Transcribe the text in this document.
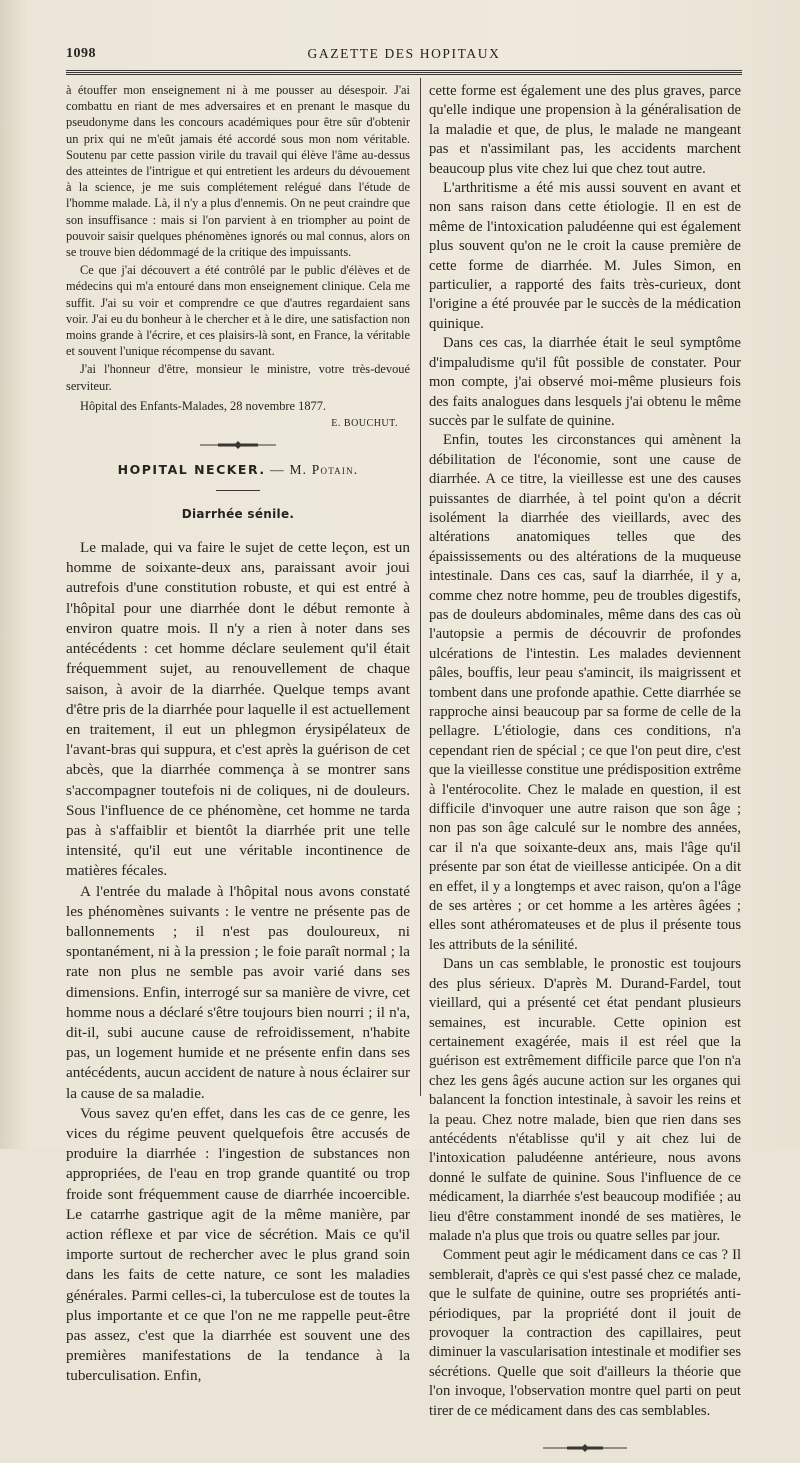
1098	GAZETTE DES HOPITAUX

à étouffer mon enseignement ni à me pousser au désespoir. J'ai combattu en riant de mes adversaires et en prenant le masque du pseudonyme dans les concours académiques pour être sûr d'obtenir un prix qui ne m'eût jamais été accordé sous mon nom véritable. Soutenu par cette passion virile du travail qui élève l'âme au-dessus des atteintes de l'intrigue et qui entretient les ardeurs du dévouement à la science, je me suis complétement relégué dans l'étude de l'homme malade. Là, il n'y a plus d'ennemis. On ne peut craindre que son insuffisance : mais si l'on parvient à en triompher au point de pouvoir saisir quelques phénomènes ignorés ou mal connus, alors on se trouve bien dédommagé de la critique des impuissants.

Ce que j'ai découvert a été contrôlé par le public d'élèves et de médecins qui m'a entouré dans mon enseignement clinique. Cela me suffit. J'ai su voir et comprendre ce que d'autres regardaient sans voir. J'ai eu du bonheur à le chercher et à le dire, une satisfaction non moins grande à l'écrire, et ces plaisirs-là sont, en France, la véritable et souvent l'unique récompense du savant.

J'ai l'honneur d'être, monsieur le ministre, votre très-devoué serviteur.

Hôpital des Enfants-Malades, 28 novembre 1877.

E. BOUCHUT.
HOPITAL NECKER. — M. Potain.
Diarrhée sénile.

Le malade, qui va faire le sujet de cette leçon, est un homme de soixante-deux ans, paraissant avoir joui autrefois d'une constitution robuste, et qui est entré à l'hôpital pour une diarrhée dont le début remonte à environ quatre mois. Il n'y a rien à noter dans ses antécédents : cet homme déclare seulement qu'il était fréquemment sujet, au renouvellement de chaque saison, à avoir de la diarrhée. Quelque temps avant d'être pris de la diarrhée pour laquelle il est actuellement en traitement, il eut un phlegmon érysipélateux de l'avant-bras qui suppura, et c'est après la guérison de cet abcès, que la diarrhée commença à se montrer sans s'accompagner toutefois ni de coliques, ni de douleurs. Sous l'influence de ce phénomène, cet homme ne tarda pas à s'affaiblir et bientôt la diarrhée prit une telle intensité, qu'il eut une véritable incontinence de matières fécales.

A l'entrée du malade à l'hôpital nous avons constaté les phénomènes suivants : le ventre ne présente pas de ballonnements ; il n'est pas douloureux, ni spontanément, ni à la pression ; le foie paraît normal ; la rate non plus ne semble pas avoir varié dans ses dimensions. Enfin, interrogé sur sa manière de vivre, cet homme nous a déclaré s'être toujours bien nourri ; il n'a, dit-il, subi aucune cause de refroidissement, n'habite pas, un logement humide et ne présente enfin dans ses antécédents, aucun accident de nature à nous éclairer sur la cause de sa maladie.

Vous savez qu'en effet, dans les cas de ce genre, les vices du régime peuvent quelquefois être accusés de produire la diarrhée : l'ingestion de substances non appropriées, de l'eau en trop grande quantité ou trop froide sont fréquemment cause de diarrhée incoercible. Le catarrhe gastrique agit de la même manière, par action réflexe et par vice de sécrétion. Mais ce qu'il importe surtout de rechercher avec le plus grand soin dans les faits de cette nature, ce sont les maladies générales. Parmi celles-ci, la tuberculose est de toutes la plus importante et ce que l'on ne me rappelle peut-être pas assez, c'est que la diarrhée est souvent une des premières manifestations de la tendance à la tuberculisation. Enfin,

cette forme est également une des plus graves, parce qu'elle indique une propension à la généralisation de la maladie et que, de plus, le malade ne mangeant pas et n'assimilant pas, les accidents marchent beaucoup plus vite chez lui que chez tout autre.

L'arthritisme a été mis aussi souvent en avant et non sans raison dans cette étiologie. Il en est de même de l'intoxication paludéenne qui est également plus souvent qu'on ne le croit la cause première de cette forme de diarrhée. M. Jules Simon, en particulier, a rapporté des faits très-curieux, dont l'origine a été prouvée par le succès de la médication quinique.

Dans ces cas, la diarrhée était le seul symptôme d'impaludisme qu'il fût possible de constater. Pour mon compte, j'ai observé moi-même plusieurs fois des faits analogues dans lesquels j'ai obtenu le même succès par le sulfate de quinine.

Enfin, toutes les circonstances qui amènent la débilitation de l'économie, sont une cause de diarrhée. A ce titre, la vieillesse est une des causes puissantes de diarrhée, à tel point qu'on a décrit isolément la diarrhée des vieillards, avec des altérations anatomiques telles que des épaississements ou des altérations de la muqueuse intestinale. Dans ces cas, sauf la diarrhée, il y a, comme chez notre homme, peu de troubles digestifs, pas de douleurs abdominales, même dans des cas où l'autopsie a permis de découvrir de profondes ulcérations de l'intestin. Les malades deviennent pâles, bouffis, leur peau s'amincit, ils maigrissent et tombent dans une profonde apathie. Cette diarrhée se rapproche ainsi beaucoup par sa forme de celle de la pellagre. L'étiologie, dans ces conditions, n'a cependant rien de spécial ; ce que l'on peut dire, c'est que la vieillesse constitue une prédisposition extrême à l'entérocolite. Chez le malade en question, il est difficile d'invoquer une autre raison que son âge ; non pas son âge calculé sur le nombre des années, car il n'a que soixante-deux ans, mais l'âge qu'il présente par son état de vieillesse anticipée. On a dit en effet, il y a longtemps et avec raison, qu'on a l'âge de ses artères ; or cet homme a les artères âgées ; elles sont athéromateuses et de plus il présente tous les attributs de la sénilité.

Dans un cas semblable, le pronostic est toujours des plus sérieux. D'après M. Durand-Fardel, tout vieillard, qui a présenté cet état pendant plusieurs semaines, est incurable. Cette opinion est certainement exagérée, mais il est réel que la guérison est extrêmement difficile parce que l'on n'a chez les gens âgés aucune action sur les organes qui balancent la fonction intestinale, à savoir les reins et la peau. Chez notre malade, bien que rien dans ses antécédents n'établisse qu'il y ait chez lui de l'intoxication paludéenne antérieure, nous avons donné le sulfate de quinine. Sous l'influence de ce médicament, la diarrhée s'est beaucoup modifiée ; au lieu d'être constamment inondé de ses matières, le malade n'a plus que trois ou quatre selles par jour.

Comment peut agir le médicament dans ce cas ? Il semblerait, d'après ce qui s'est passé chez ce malade, que le sulfate de quinine, outre ses propriétés anti-périodiques, par la propriété dont il jouit de provoquer la contraction des capillaires, peut diminuer la vascularisation intestinale et modifier ses sécrétions. Quelle que soit d'ailleurs la théorie que l'on invoque, l'observation montre quel parti on peut tirer de ce médicament dans des cas semblables.
